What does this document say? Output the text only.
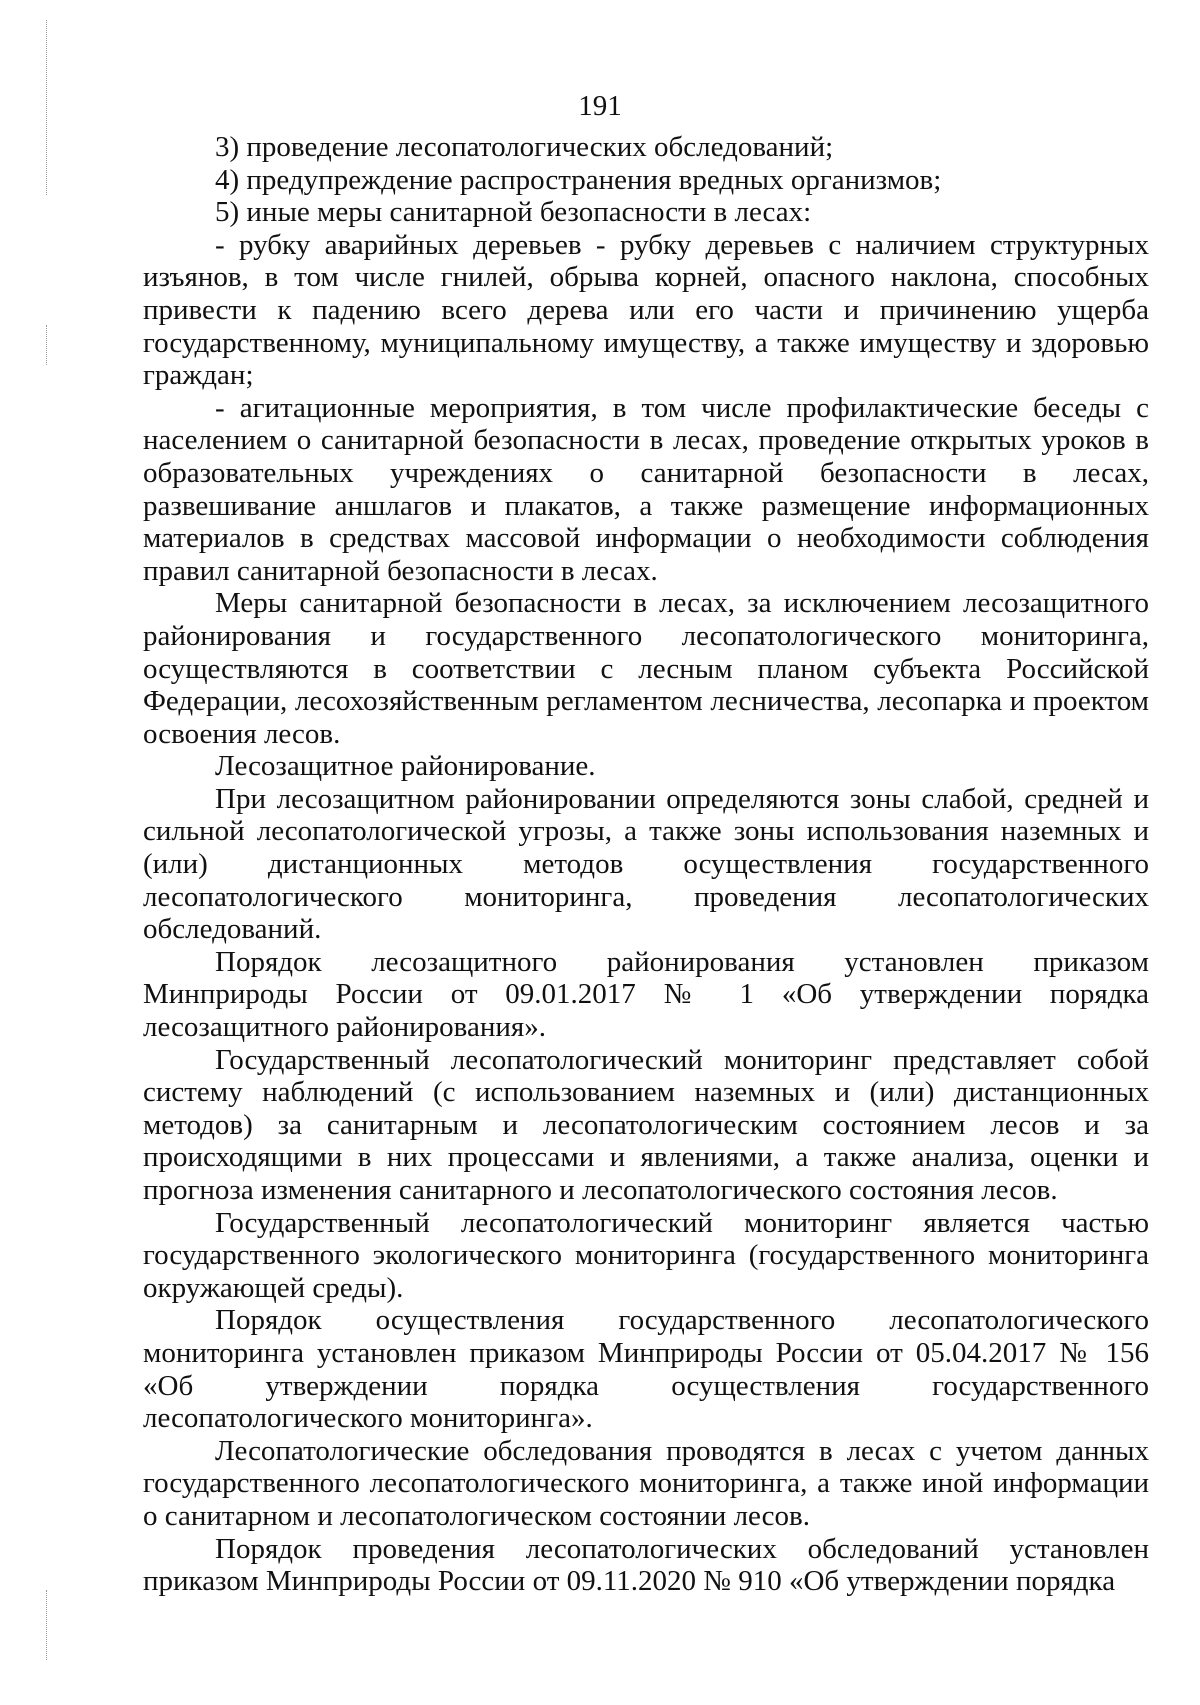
191

3) проведение лесопатологических обследований;

4) предупреждение распространения вредных организмов;

5) иные меры санитарной безопасности в лесах:

- рубку аварийных деревьев - рубку деревьев с наличием структурных изъянов, в том числе гнилей, обрыва корней, опасного наклона, способных привести к падению всего дерева или его части и причинению ущерба государственному, муниципальному имуществу, а также имуществу и здоровью граждан;

- агитационные мероприятия, в том числе профилактические беседы с населением о санитарной безопасности в лесах, проведение открытых уроков в образовательных учреждениях о санитарной безопасности в лесах, развешивание аншлагов и плакатов, а также размещение информационных материалов в средствах массовой информации о необходимости соблюдения правил санитарной безопасности в лесах.

Меры санитарной безопасности в лесах, за исключением лесозащитного районирования и государственного лесопатологического мониторинга, осуществляются в соответствии с лесным планом субъекта Российской Федерации, лесохозяйственным регламентом лесничества, лесопарка и проектом освоения лесов.

Лесозащитное районирование.

При лесозащитном районировании определяются зоны слабой, средней и сильной лесопатологической угрозы, а также зоны использования наземных и (или) дистанционных методов осуществления государственного лесопатологического мониторинга, проведения лесопатологических обследований.

Порядок лесозащитного районирования установлен приказом Минприроды России от 09.01.2017 № 1 «Об утверждении порядка лесозащитного районирования».

Государственный лесопатологический мониторинг представляет собой систему наблюдений (с использованием наземных и (или) дистанционных методов) за санитарным и лесопатологическим состоянием лесов и за происходящими в них процессами и явлениями, а также анализа, оценки и прогноза изменения санитарного и лесопатологического состояния лесов.

Государственный лесопатологический мониторинг является частью государственного экологического мониторинга (государственного мониторинга окружающей среды).

Порядок осуществления государственного лесопатологического мониторинга установлен приказом Минприроды России от 05.04.2017 № 156 «Об утверждении порядка осуществления государственного лесопатологического мониторинга».

Лесопатологические обследования проводятся в лесах с учетом данных государственного лесопатологического мониторинга, а также иной информации о санитарном и лесопатологическом состоянии лесов.

Порядок проведения лесопатологических обследований установлен приказом Минприроды России от 09.11.2020 № 910 «Об утверждении порядка
